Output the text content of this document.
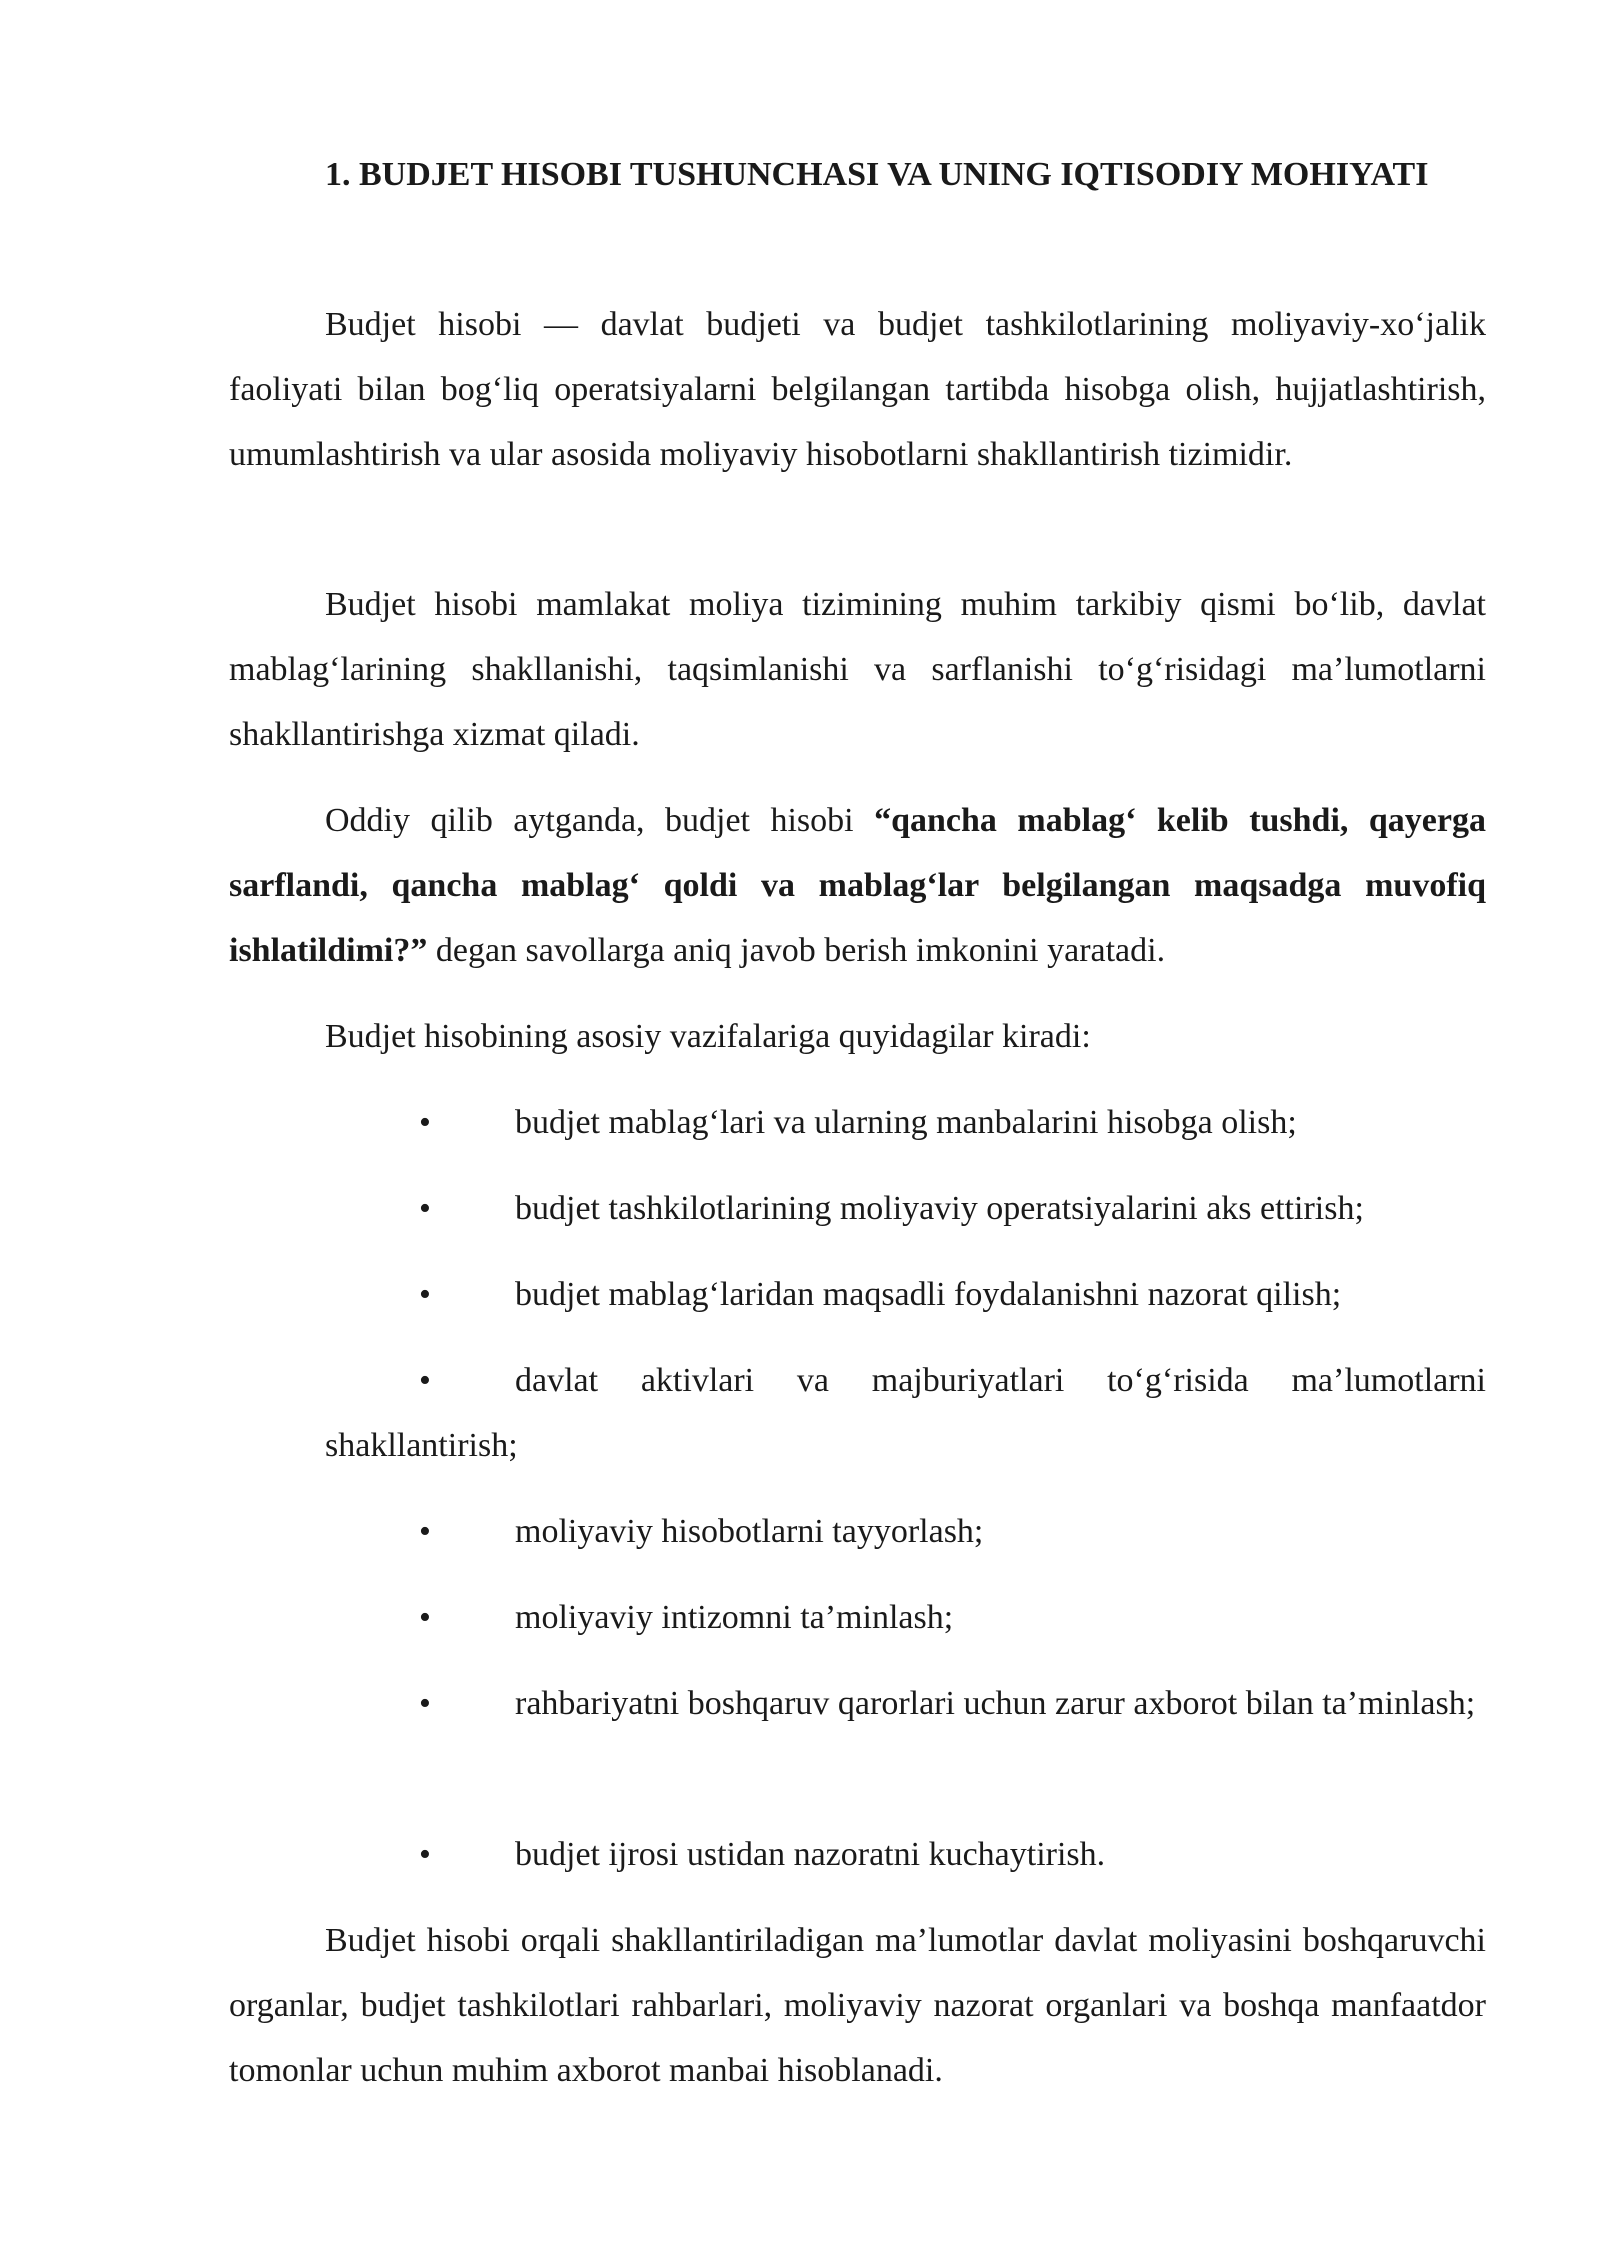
1. BUDJET HISOBI TUSHUNCHASI VA UNING IQTISODIY MOHIYATI

Budjet hisobi — davlat budjeti va budjet tashkilotlarining moliyaviy-xo‘jalik faoliyati bilan bog‘liq operatsiyalarni belgilangan tartibda hisobga olish, hujjatlashtirish, umumlashtirish va ular asosida moliyaviy hisobotlarni shakllantirish tizimidir.

Budjet hisobi mamlakat moliya tizimining muhim tarkibiy qismi bo‘lib, davlat mablag‘larining shakllanishi, taqsimlanishi va sarflanishi to‘g‘risidagi ma’lumotlarni shakllantirishga xizmat qiladi.

Oddiy qilib aytganda, budjet hisobi “qancha mablag‘ kelib tushdi, qayerga sarflandi, qancha mablag‘ qoldi va mablag‘lar belgilangan maqsadga muvofiq ishlatildimi?” degan savollarga aniq javob berish imkonini yaratadi.

Budjet hisobining asosiy vazifalariga quyidagilar kiradi:

• budjet mablag‘lari va ularning manbalarini hisobga olish;
• budjet tashkilotlarining moliyaviy operatsiyalarini aks ettirish;
• budjet mablag‘laridan maqsadli foydalanishni nazorat qilish;
• davlat aktivlari va majburiyatlari to‘g‘risida ma’lumotlarni shakllantirish;
• moliyaviy hisobotlarni tayyorlash;
• moliyaviy intizomni ta’minlash;
• rahbariyatni boshqaruv qarorlari uchun zarur axborot bilan ta’minlash;
• budjet ijrosi ustidan nazoratni kuchaytirish.

Budjet hisobi orqali shakllantiriladigan ma’lumotlar davlat moliyasini boshqaruvchi organlar, budjet tashkilotlari rahbarlari, moliyaviy nazorat organlari va boshqa manfaatdor tomonlar uchun muhim axborot manbai hisoblanadi.
